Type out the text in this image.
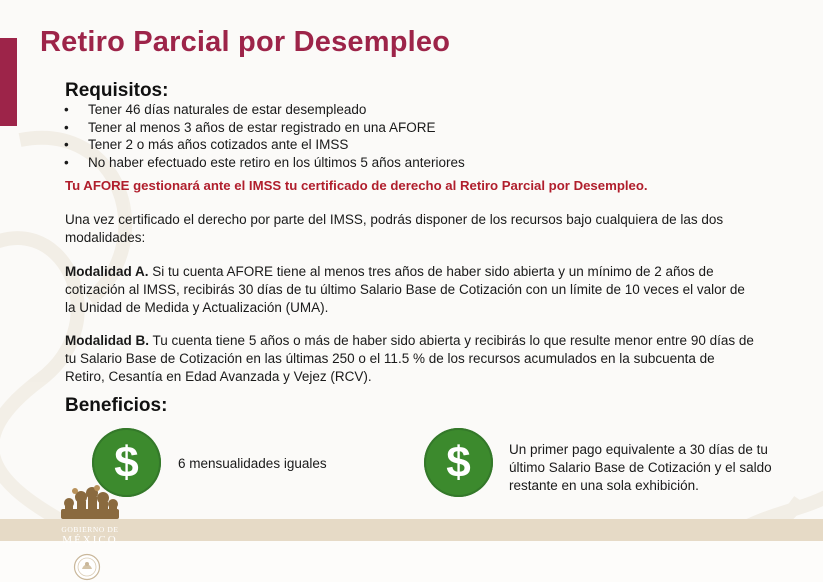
Retiro Parcial por Desempleo
Requisitos:
• Tener 46 días naturales de estar desempleado
• Tener al menos 3 años de estar registrado en una AFORE
• Tener 2 o más años cotizados ante el IMSS
• No haber efectuado este retiro en los últimos 5 años anteriores

Tu AFORE gestionará ante el IMSS tu certificado de derecho al Retiro Parcial por Desempleo.

Una vez certificado el derecho por parte del IMSS, podrás disponer de los recursos bajo cualquiera de las dos modalidades:

Modalidad A. Si tu cuenta AFORE tiene al menos tres años de haber sido abierta y un mínimo de 2 años de cotización al IMSS, recibirás 30 días de tu último Salario Base de Cotización con un límite de 10 veces el valor de la Unidad de Medida y Actualización (UMA).

Modalidad B. Tu cuenta tiene 5 años o más de haber sido abierta y recibirás lo que resulte menor entre 90 días de tu Salario Base de Cotización en las últimas 250 o el 11.5 % de los recursos acumulados en la subcuenta de Retiro, Cesantía en Edad Avanzada y Vejez (RCV).

Beneficios:
$	6 mensualidades iguales	$	Un primer pago equivalente a 30 días de tu último Salario Base de Cotización y el saldo restante en una sola exhibición.

GOBIERNO DE
MÉXICO
